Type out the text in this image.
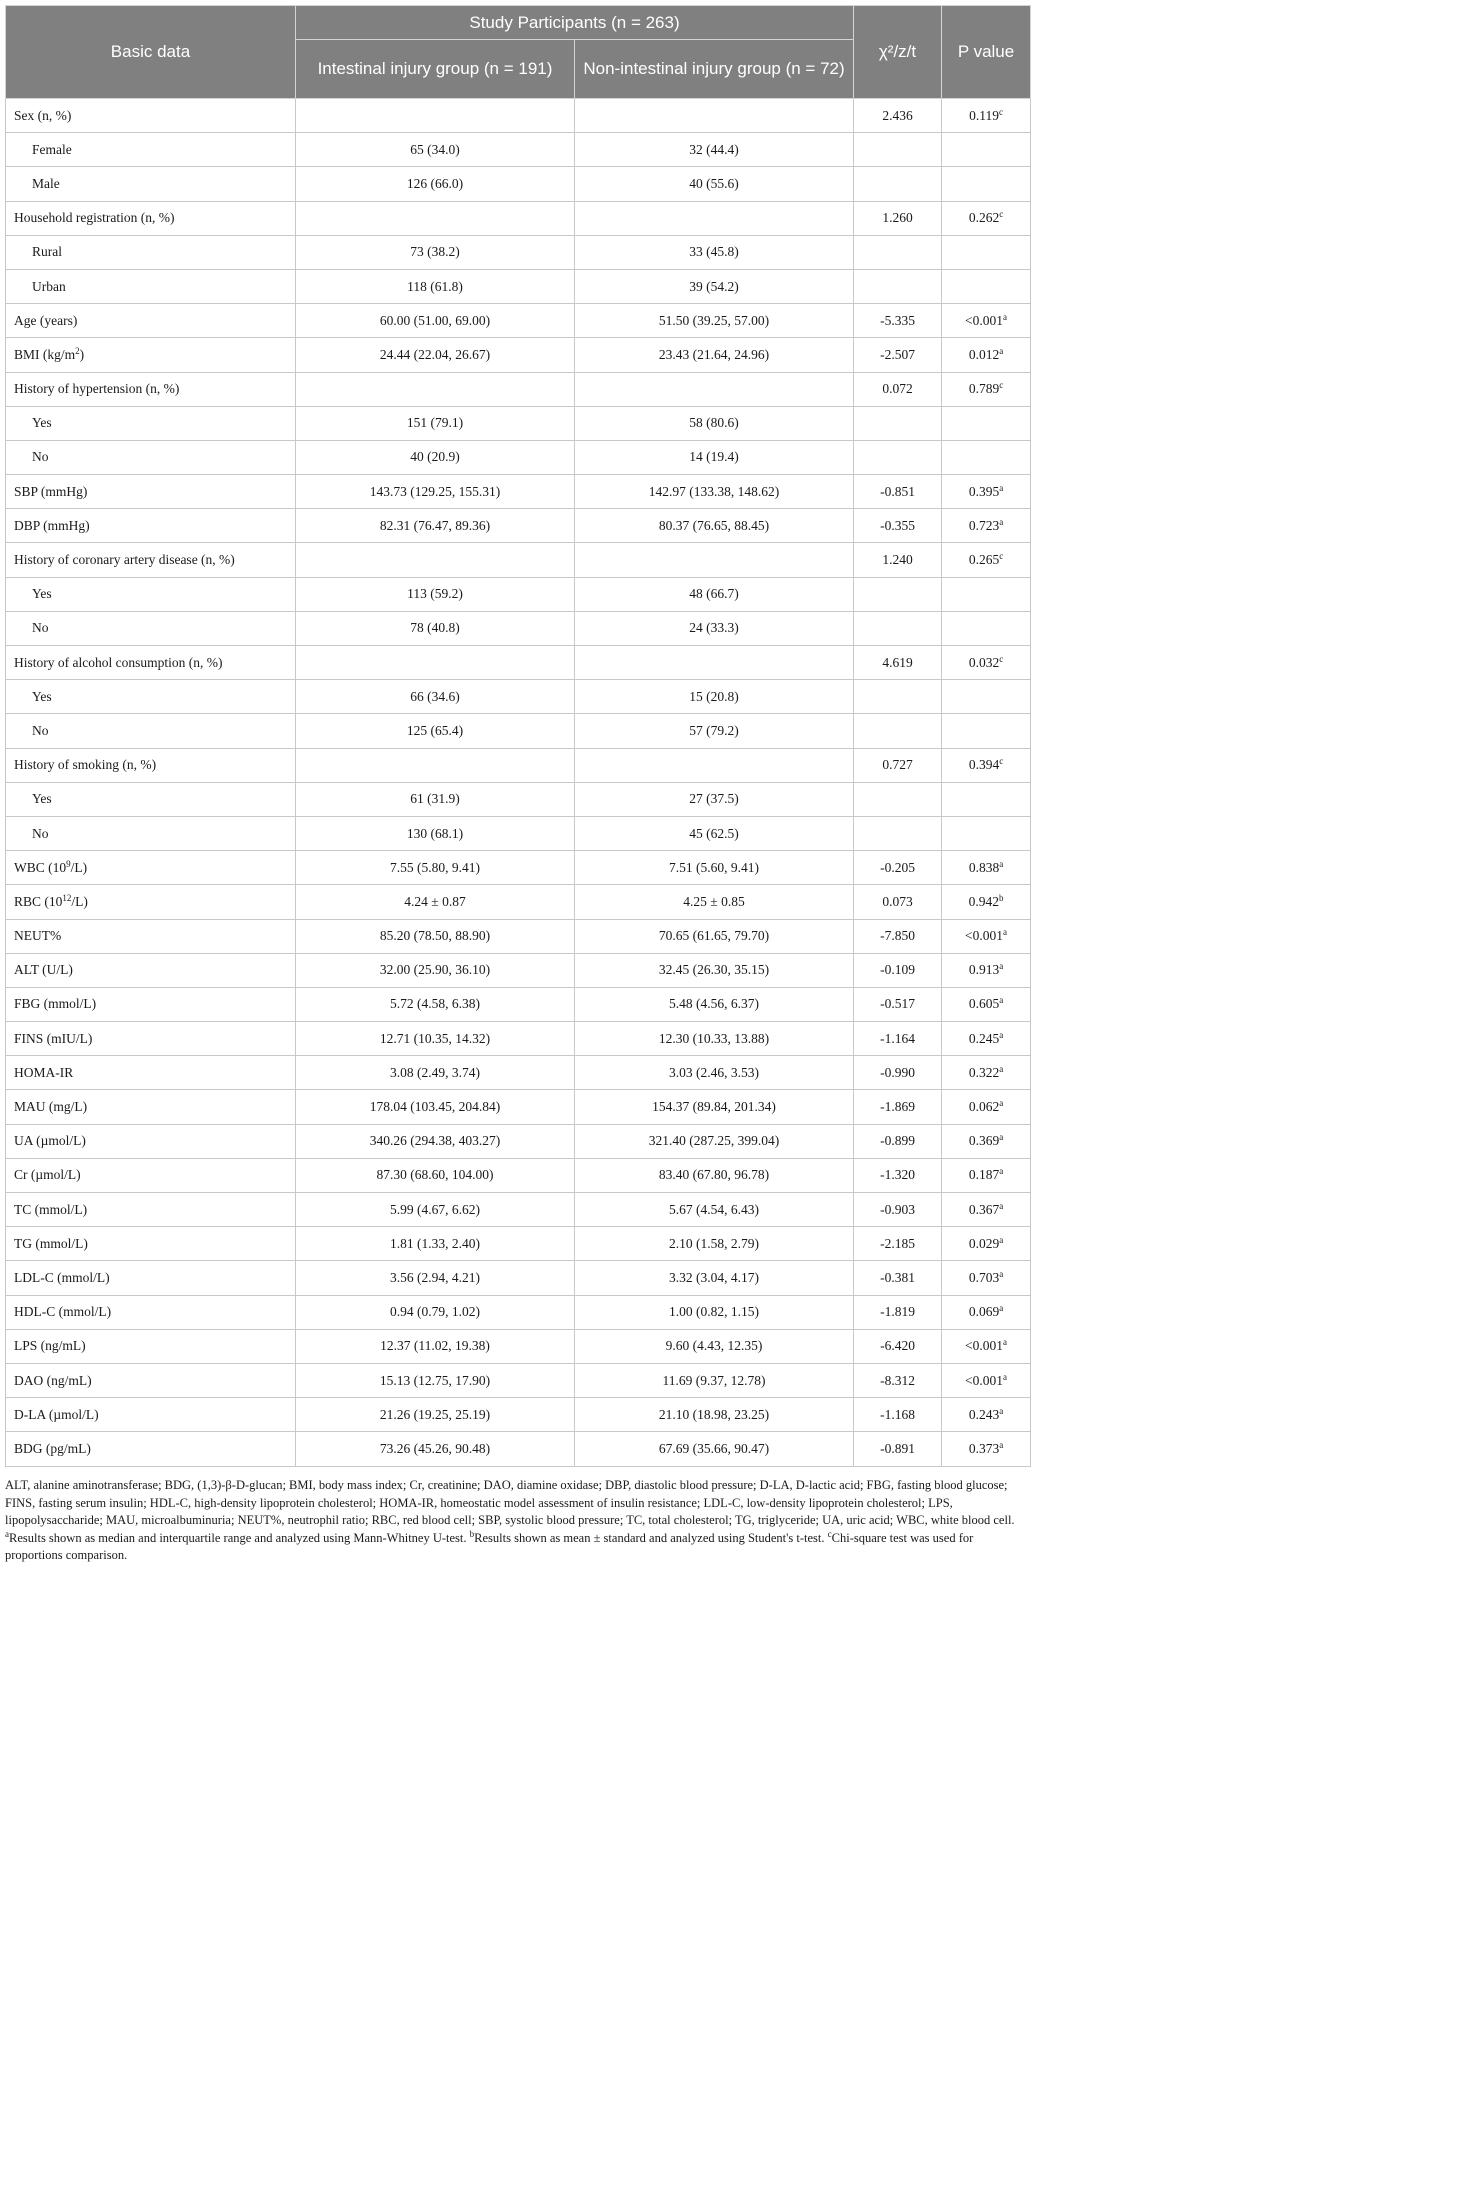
Basic data	Study Participants (n = 263)		χ²/z/t	P value
	Intestinal injury group (n = 191)	Non-intestinal injury group (n = 72)		
Sex (n, %)			2.436	0.119$^c$
Female	65 (34.0)	32 (44.4)		
Male	126 (66.0)	40 (55.6)		
Household registration (n, %)			1.260	0.262$^c$
Rural	73 (38.2)	33 (45.8)		
Urban	118 (61.8)	39 (54.2)		
Age (years)	60.00 (51.00, 69.00)	51.50 (39.25, 57.00)	-5.335	<0.001$^a$
BMI $(kg/m^2)$	24.44 (22.04, 26.67)	23.43 (21.64, 24.96)	-2.507	0.012$^a$
History of hypertension (n, %)			0.072	0.789$^c$
Yes	151 (79.1)	58 (80.6)		
No	40 (20.9)	14 (19.4)		
SBP (mmHg)	143.73 (129.25, 155.31)	142.97 (133.38, 148.62)	-0.851	0.395$^a$
DBP (mmHg)	82.31 (76.47, 89.36)	80.37 (76.65, 88.45)	-0.355	0.723$^a$
History of coronary artery disease (n, %)			1.240	0.265$^c$
Yes	113 (59.2)	48 (66.7)		
No	78 (40.8)	24 (33.3)		
History of alcohol consumption (n, %)			4.619	0.032$^c$
Yes	66 (34.6)	15 (20.8)		
No	125 (65.4)	57 (79.2)		
History of smoking (n, %)			0.727	0.394$^c$
Yes	61 (31.9)	27 (37.5)		
No	130 (68.1)	45 (62.5)		
WBC $(10^9/L)$	7.55 (5.80, 9.41)	7.51 (5.60, 9.41)	-0.205	0.838$^a$
RBC $(10^{12}/L)$	4.24 ± 0.87	4.25 ± 0.85	0.073	0.942$^b$
NEUT%	85.20 (78.50, 88.90)	70.65 (61.65, 79.70)	-7.850	<0.001$^a$
ALT (U/L)	32.00 (25.90, 36.10)	32.45 (26.30, 35.15)	-0.109	0.913$^a$
FBG (mmol/L)	5.72 (4.58, 6.38)	5.48 (4.56, 6.37)	-0.517	0.605$^a$
FINS (mIU/L)	12.71 (10.35, 14.32)	12.30 (10.33, 13.88)	-1.164	0.245$^a$
HOMA-IR	3.08 (2.49, 3.74)	3.03 (2.46, 3.53)	-0.990	0.322$^a$
MAU (mg/L)	178.04 (103.45, 204.84)	154.37 (89.84, 201.34)	-1.869	0.062$^a$
UA (µmol/L)	340.26 (294.38, 403.27)	321.40 (287.25, 399.04)	-0.899	0.369$^a$
Cr (µmol/L)	87.30 (68.60, 104.00)	83.40 (67.80, 96.78)	-1.320	0.187$^a$
TC (mmol/L)	5.99 (4.67, 6.62)	5.67 (4.54, 6.43)	-0.903	0.367$^a$
TG (mmol/L)	1.81 (1.33, 2.40)	2.10 (1.58, 2.79)	-2.185	0.029$^a$
LDL-C (mmol/L)	3.56 (2.94, 4.21)	3.32 (3.04, 4.17)	-0.381	0.703$^a$
HDL-C (mmol/L)	0.94 (0.79, 1.02)	1.00 (0.82, 1.15)	-1.819	0.069$^a$
LPS (ng/mL)	12.37 (11.02, 19.38)	9.60 (4.43, 12.35)	-6.420	<0.001$^a$
DAO (ng/mL)	15.13 (12.75, 17.90)	11.69 (9.37, 12.78)	-8.312	<0.001$^a$
D-LA (µmol/L)	21.26 (19.25, 25.19)	21.10 (18.98, 23.25)	-1.168	0.243$^a$
BDG (pg/mL)	73.26 (45.26, 90.48)	67.69 (35.66, 90.47)	-0.891	0.373$^a$

ALT, alanine aminotransferase; BDG, (1,3)-β-D-glucan; BMI, body mass index; Cr, creatinine; DAO, diamine oxidase; DBP, diastolic blood pressure; D-LA, D-lactic acid; FBG, fasting blood glucose; FINS, fasting serum insulin; HDL-C, high-density lipoprotein cholesterol; HOMA-IR, homeostatic model assessment of insulin resistance; LDL-C, low-density lipoprotein cholesterol; LPS, lipopolysaccharide; MAU, microalbuminuria; NEUT%, neutrophil ratio; RBC, red blood cell; SBP, systolic blood pressure; TC, total cholesterol; TG, triglyceride; UA, uric acid; WBC, white blood cell. $^a$Results shown as median and interquartile range and analyzed using Mann-Whitney U-test. $^b$Results shown as mean ± standard and analyzed using Student's t-test. $^c$Chi-square test was used for proportions comparison.
